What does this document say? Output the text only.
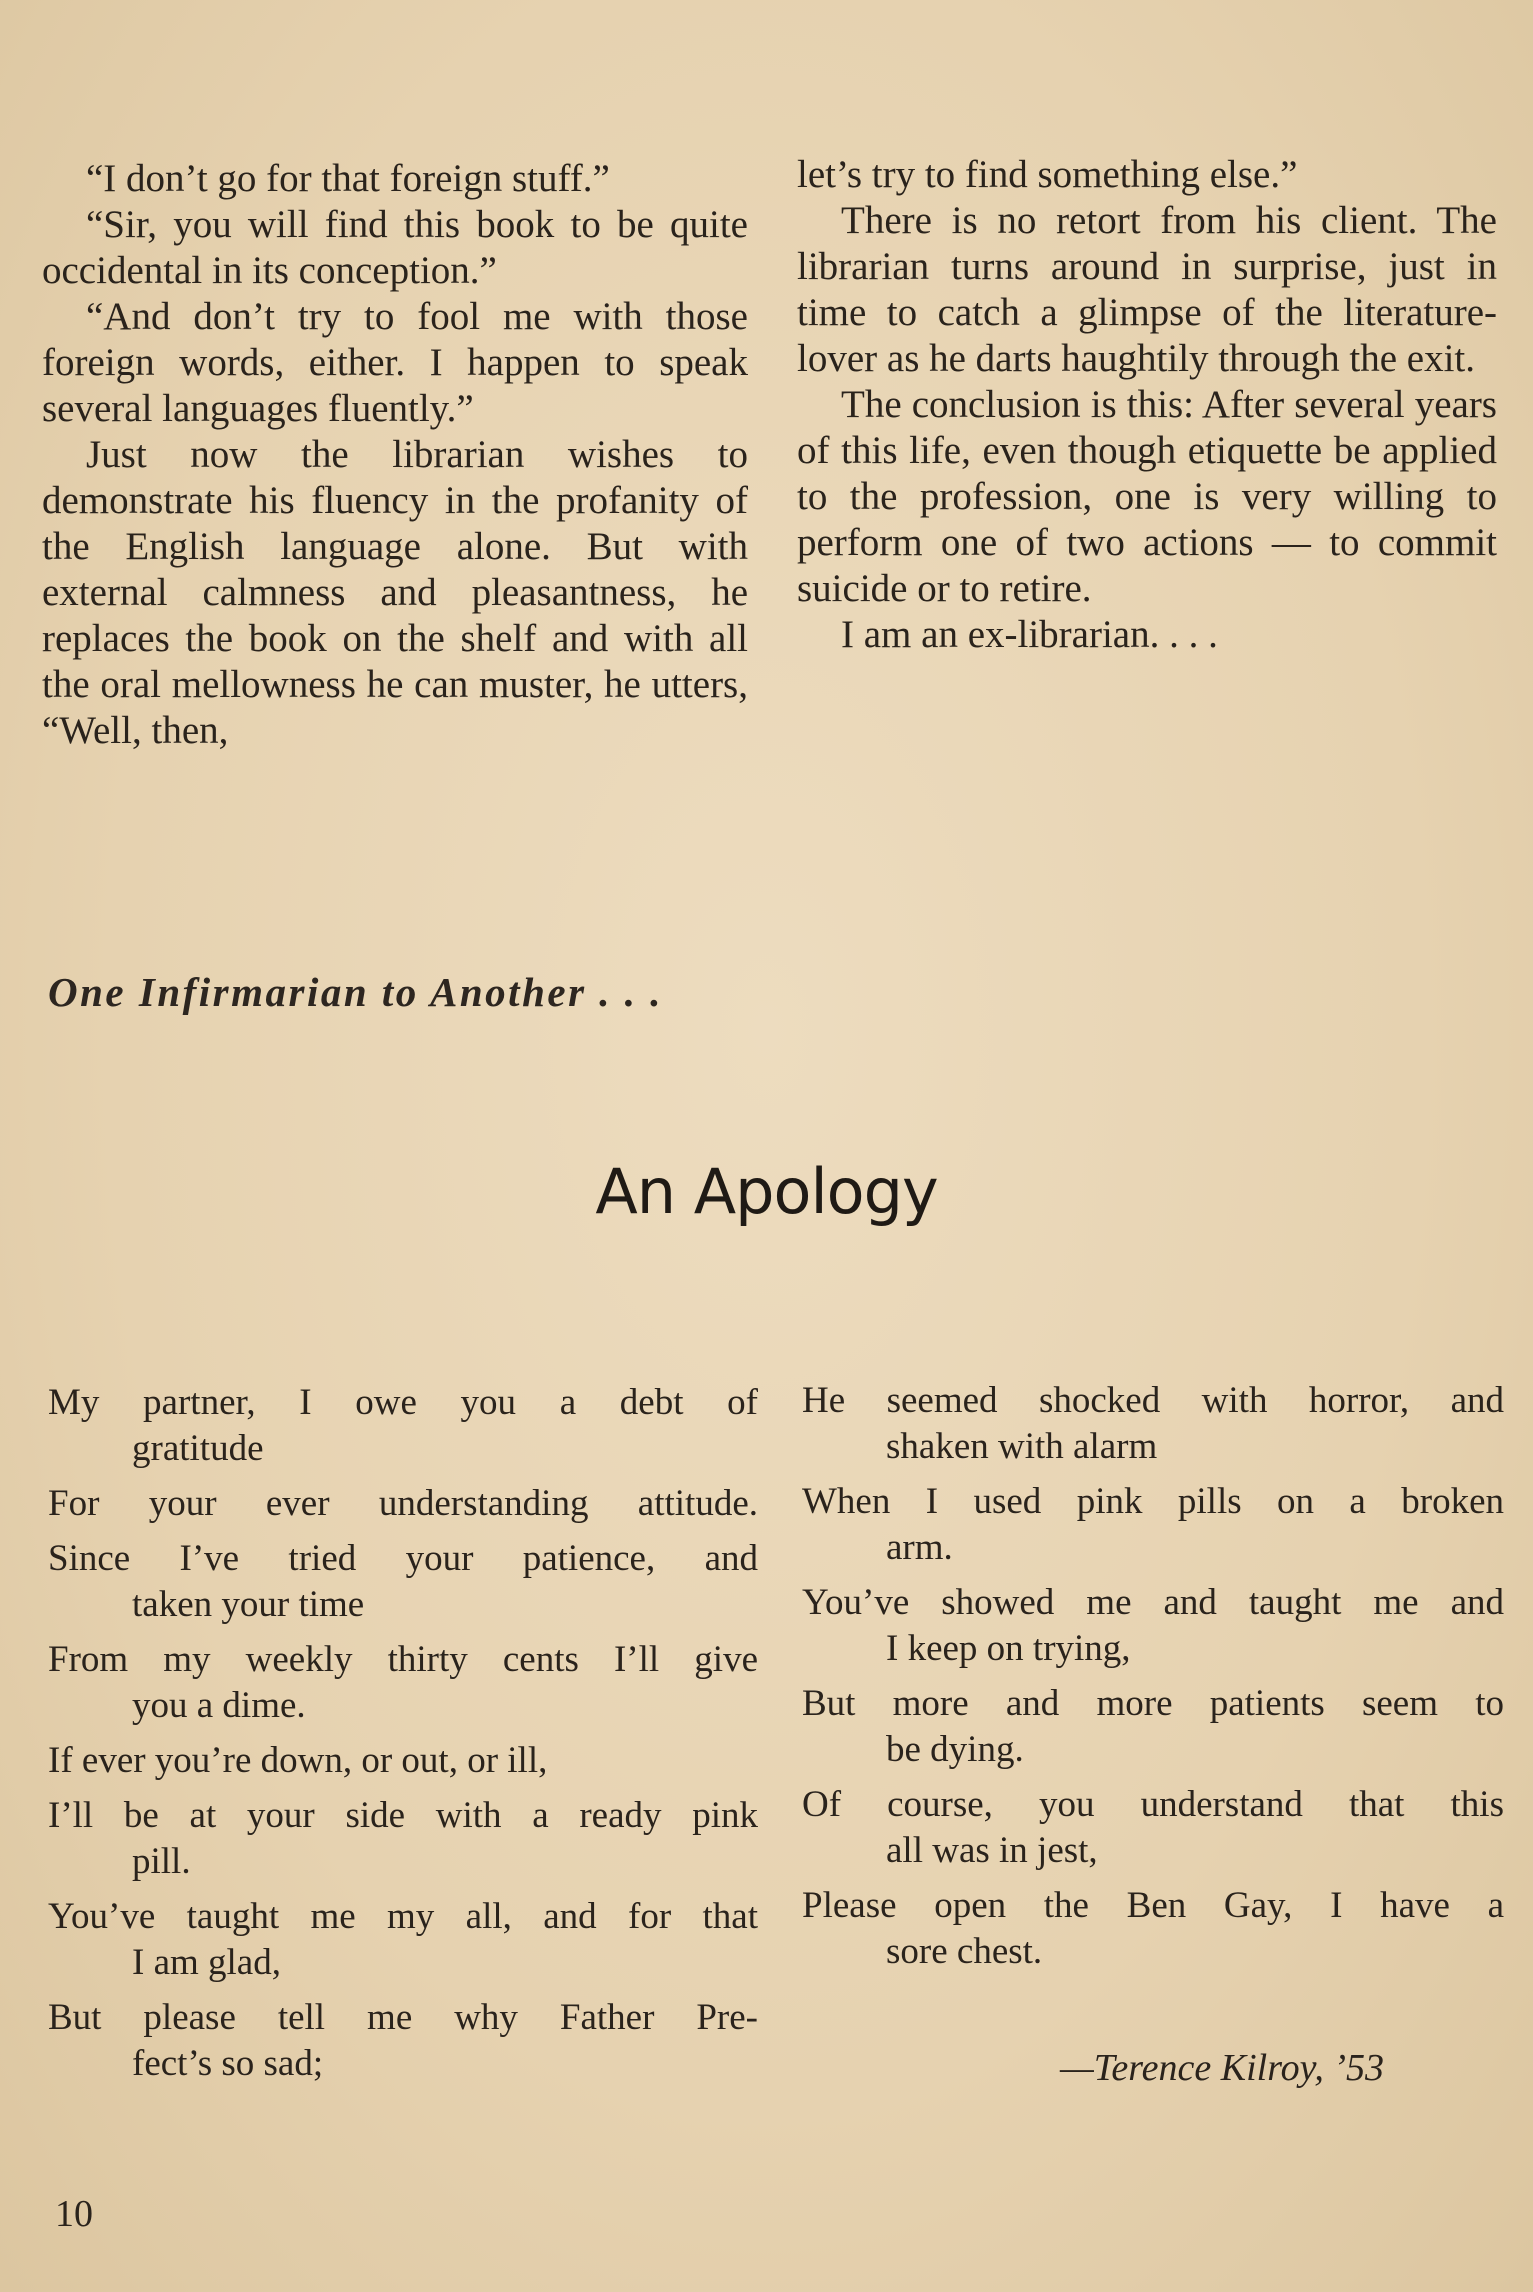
“I don’t go for that foreign stuff.”

“Sir, you will find this book to be quite occidental in its conception.”

“And don’t try to fool me with those foreign words, either. I happen to speak several languages fluently.”

Just now the librarian wishes to demonstrate his fluency in the profanity of the English language alone. But with external calmness and pleasantness, he replaces the book on the shelf and with all the oral mellowness he can muster, he utters, “Well, then,

let’s try to find something else.”

There is no retort from his client. The librarian turns around in surprise, just in time to catch a glimpse of the literature-lover as he darts haughtily through the exit.

The conclusion is this: After several years of this life, even though etiquette be applied to the profession, one is very willing to perform one of two actions — to commit suicide or to retire.

I am an ex-librarian. . . .

One Infirmarian to Another . . .
An Apology
My partner, I owe you a debt of
gratitude
For your ever understanding attitude.
Since I’ve tried your patience, and
taken your time
From my weekly thirty cents I’ll give
you a dime.
If ever you’re down, or out, or ill,
I’ll be at your side with a ready pink
pill.
You’ve taught me my all, and for that
I am glad,
But please tell me why Father Pre-
fect’s so sad;
He seemed shocked with horror, and
shaken with alarm
When I used pink pills on a broken
arm.
You’ve showed me and taught me and
I keep on trying,
But more and more patients seem to
be dying.
Of course, you understand that this
all was in jest,
Please open the Ben Gay, I have a
sore chest.
—Terence Kilroy, ’53
10
